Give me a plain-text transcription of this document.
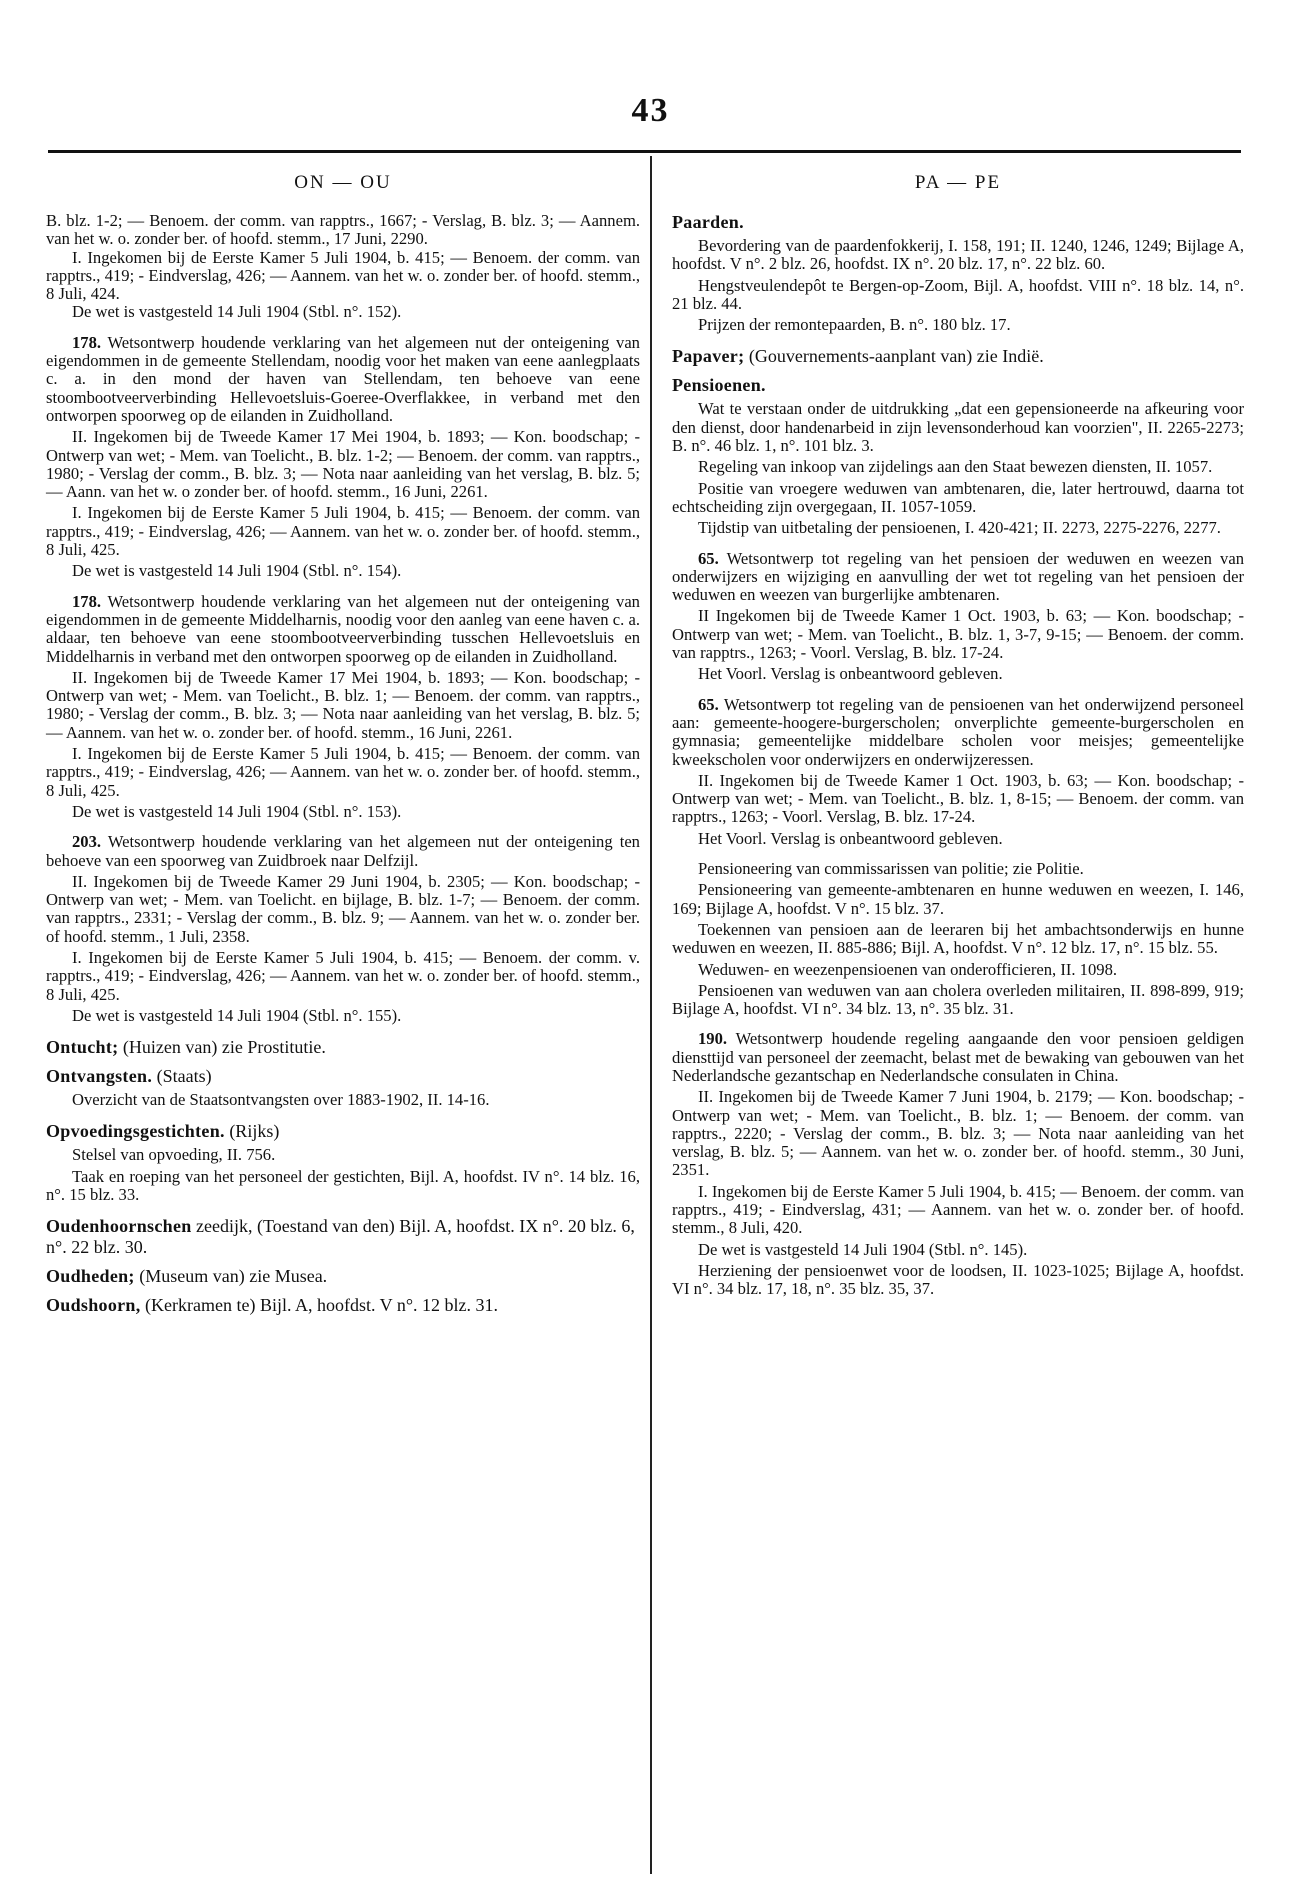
43
ON — OU

B. blz. 1-2; — Benoem. der comm. van rapptrs., 1667; - Verslag, B. blz. 3; — Aannem. van het w. o. zonder ber. of hoofd. stemm., 17 Juni, 2290.

I. Ingekomen bij de Eerste Kamer 5 Juli 1904, b. 415; — Benoem. der comm. van rapptrs., 419; - Eindverslag, 426; — Aannem. van het w. o. zonder ber. of hoofd. stemm., 8 Juli, 424.

De wet is vastgesteld 14 Juli 1904 (Stbl. n°. 152).

178. Wetsontwerp houdende verklaring van het algemeen nut der onteigening van eigendommen in de gemeente Stellendam, noodig voor het maken van eene aanlegplaats c. a. in den mond der haven van Stellendam, ten behoeve van eene stoombootveerverbinding Hellevoetsluis-Goeree-Overflakkee, in verband met den ontworpen spoorweg op de eilanden in Zuidholland.

II. Ingekomen bij de Tweede Kamer 17 Mei 1904, b. 1893; — Kon. boodschap; - Ontwerp van wet; - Mem. van Toelicht., B. blz. 1-2; — Benoem. der comm. van rapptrs., 1980; - Verslag der comm., B. blz. 3; — Nota naar aanleiding van het verslag, B. blz. 5; — Aann. van het w. o zonder ber. of hoofd. stemm., 16 Juni, 2261.

I. Ingekomen bij de Eerste Kamer 5 Juli 1904, b. 415; — Benoem. der comm. van rapptrs., 419; - Eindverslag, 426; — Aannem. van het w. o. zonder ber. of hoofd. stemm., 8 Juli, 425.

De wet is vastgesteld 14 Juli 1904 (Stbl. n°. 154).

178. Wetsontwerp houdende verklaring van het algemeen nut der onteigening van eigendommen in de gemeente Middelharnis, noodig voor den aanleg van eene haven c. a. aldaar, ten behoeve van eene stoombootveerverbinding tusschen Hellevoetsluis en Middelharnis in verband met den ontworpen spoorweg op de eilanden in Zuidholland.

II. Ingekomen bij de Tweede Kamer 17 Mei 1904, b. 1893; — Kon. boodschap; - Ontwerp van wet; - Mem. van Toelicht., B. blz. 1; — Benoem. der comm. van rapptrs., 1980; - Verslag der comm., B. blz. 3; — Nota naar aanleiding van het verslag, B. blz. 5; — Aannem. van het w. o. zonder ber. of hoofd. stemm., 16 Juni, 2261.

I. Ingekomen bij de Eerste Kamer 5 Juli 1904, b. 415; — Benoem. der comm. van rapptrs., 419; - Eindverslag, 426; — Aannem. van het w. o. zonder ber. of hoofd. stemm., 8 Juli, 425.

De wet is vastgesteld 14 Juli 1904 (Stbl. n°. 153).

203. Wetsontwerp houdende verklaring van het algemeen nut der onteigening ten behoeve van een spoorweg van Zuidbroek naar Delfzijl.

II. Ingekomen bij de Tweede Kamer 29 Juni 1904, b. 2305; — Kon. boodschap; - Ontwerp van wet; - Mem. van Toelicht. en bijlage, B. blz. 1-7; — Benoem. der comm. van rapptrs., 2331; - Verslag der comm., B. blz. 9; — Aannem. van het w. o. zonder ber. of hoofd. stemm., 1 Juli, 2358.

I. Ingekomen bij de Eerste Kamer 5 Juli 1904, b. 415; — Benoem. der comm. v. rapptrs., 419; - Eindverslag, 426; — Aannem. van het w. o. zonder ber. of hoofd. stemm., 8 Juli, 425.

De wet is vastgesteld 14 Juli 1904 (Stbl. n°. 155).

Ontucht; (Huizen van) zie Prostitutie.

Ontvangsten. (Staats)

Overzicht van de Staatsontvangsten over 1883-1902, II. 14-16.

Opvoedingsgestichten. (Rijks)

Stelsel van opvoeding, II. 756.

Taak en roeping van het personeel der gestichten, Bijl. A, hoofdst. IV n°. 14 blz. 16, n°. 15 blz. 33.

Oudenhoornschen zeedijk, (Toestand van den) Bijl. A, hoofdst. IX n°. 20 blz. 6, n°. 22 blz. 30.

Oudheden; (Museum van) zie Musea.

Oudshoorn, (Kerkramen te) Bijl. A, hoofdst. V n°. 12 blz. 31.

PA — PE

Paarden.

Bevordering van de paardenfokkerij, I. 158, 191; II. 1240, 1246, 1249; Bijlage A, hoofdst. V n°. 2 blz. 26, hoofdst. IX n°. 20 blz. 17, n°. 22 blz. 60.

Hengstveulendepôt te Bergen-op-Zoom, Bijl. A, hoofdst. VIII n°. 18 blz. 14, n°. 21 blz. 44.

Prijzen der remontepaarden, B. n°. 180 blz. 17.

Papaver; (Gouvernements-aanplant van) zie Indië.

Pensioenen.

Wat te verstaan onder de uitdrukking „dat een gepensioneerde na afkeuring voor den dienst, door handenarbeid in zijn levensonderhoud kan voorzien", II. 2265-2273; B. n°. 46 blz. 1, n°. 101 blz. 3.

Regeling van inkoop van zijdelings aan den Staat bewezen diensten, II. 1057.

Positie van vroegere weduwen van ambtenaren, die, later hertrouwd, daarna tot echtscheiding zijn overgegaan, II. 1057-1059.

Tijdstip van uitbetaling der pensioenen, I. 420-421; II. 2273, 2275-2276, 2277.

65. Wetsontwerp tot regeling van het pensioen der weduwen en weezen van onderwijzers en wijziging en aanvulling der wet tot regeling van het pensioen der weduwen en weezen van burgerlijke ambtenaren.

II Ingekomen bij de Tweede Kamer 1 Oct. 1903, b. 63; — Kon. boodschap; - Ontwerp van wet; - Mem. van Toelicht., B. blz. 1, 3-7, 9-15; — Benoem. der comm. van rapptrs., 1263; - Voorl. Verslag, B. blz. 17-24.

Het Voorl. Verslag is onbeantwoord gebleven.

65. Wetsontwerp tot regeling van de pensioenen van het onderwijzend personeel aan: gemeente-hoogere-burgerscholen; onverplichte gemeente-burgerscholen en gymnasia; gemeentelijke middelbare scholen voor meisjes; gemeentelijke kweekscholen voor onderwijzers en onderwijzeressen.

II. Ingekomen bij de Tweede Kamer 1 Oct. 1903, b. 63; — Kon. boodschap; - Ontwerp van wet; - Mem. van Toelicht., B. blz. 1, 8-15; — Benoem. der comm. van rapptrs., 1263; - Voorl. Verslag, B. blz. 17-24.

Het Voorl. Verslag is onbeantwoord gebleven.

Pensioneering van commissarissen van politie; zie Politie.

Pensioneering van gemeente-ambtenaren en hunne weduwen en weezen, I. 146, 169; Bijlage A, hoofdst. V n°. 15 blz. 37.

Toekennen van pensioen aan de leeraren bij het ambachtsonderwijs en hunne weduwen en weezen, II. 885-886; Bijl. A, hoofdst. V n°. 12 blz. 17, n°. 15 blz. 55.

Weduwen- en weezenpensioenen van onderofficieren, II. 1098.

Pensioenen van weduwen van aan cholera overleden militairen, II. 898-899, 919; Bijlage A, hoofdst. VI n°. 34 blz. 13, n°. 35 blz. 31.

190. Wetsontwerp houdende regeling aangaande den voor pensioen geldigen diensttijd van personeel der zeemacht, belast met de bewaking van gebouwen van het Nederlandsche gezantschap en Nederlandsche consulaten in China.

II. Ingekomen bij de Tweede Kamer 7 Juni 1904, b. 2179; — Kon. boodschap; - Ontwerp van wet; - Mem. van Toelicht., B. blz. 1; — Benoem. der comm. van rapptrs., 2220; - Verslag der comm., B. blz. 3; — Nota naar aanleiding van het verslag, B. blz. 5; — Aannem. van het w. o. zonder ber. of hoofd. stemm., 30 Juni, 2351.

I. Ingekomen bij de Eerste Kamer 5 Juli 1904, b. 415; — Benoem. der comm. van rapptrs., 419; - Eindverslag, 431; — Aannem. van het w. o. zonder ber. of hoofd. stemm., 8 Juli, 420.

De wet is vastgesteld 14 Juli 1904 (Stbl. n°. 145).

Herziening der pensioenwet voor de loodsen, II. 1023-1025; Bijlage A, hoofdst. VI n°. 34 blz. 17, 18, n°. 35 blz. 35, 37.
